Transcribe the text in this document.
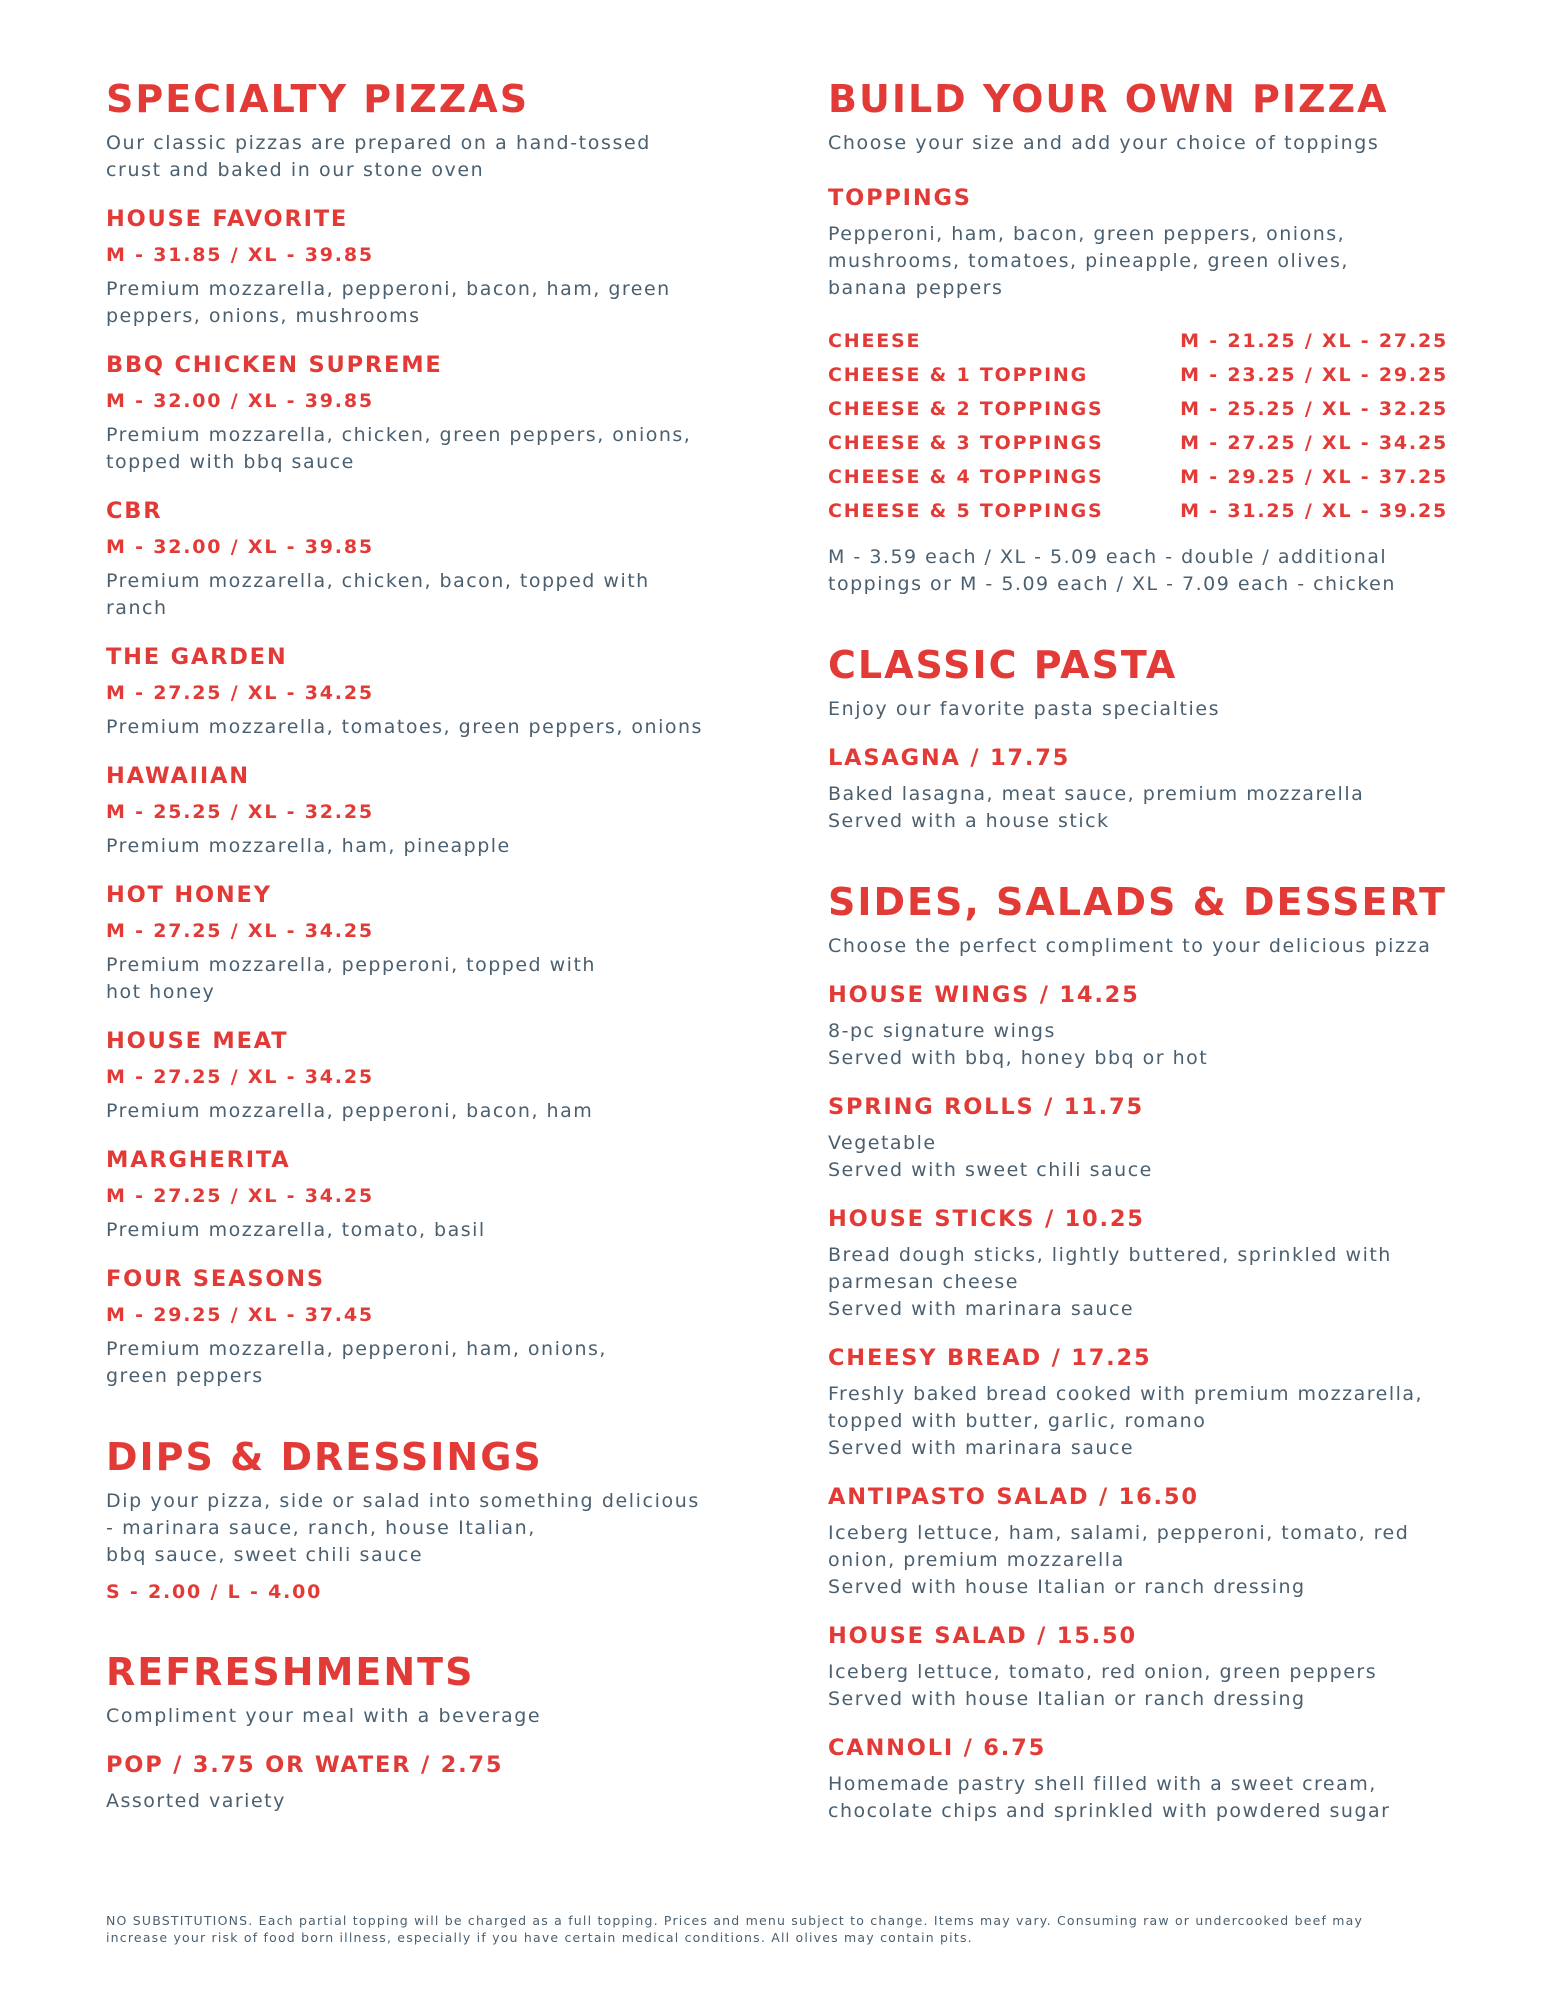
SPECIALTY PIZZAS

Our classic pizzas are prepared on a hand-tossed
crust and baked in our stone oven

HOUSE FAVORITE

M - 31.85 / XL - 39.85

Premium mozzarella, pepperoni, bacon, ham, green
peppers, onions, mushrooms

BBQ CHICKEN SUPREME

M - 32.00 / XL - 39.85

Premium mozzarella, chicken, green peppers, onions,
topped with bbq sauce

CBR

M - 32.00 / XL - 39.85

Premium mozzarella, chicken, bacon, topped with
ranch

THE GARDEN

M - 27.25 / XL - 34.25

Premium mozzarella, tomatoes, green peppers, onions

HAWAIIAN

M - 25.25 / XL - 32.25

Premium mozzarella, ham, pineapple

HOT HONEY

M - 27.25 / XL - 34.25

Premium mozzarella, pepperoni, topped with
hot honey

HOUSE MEAT

M - 27.25 / XL - 34.25

Premium mozzarella, pepperoni, bacon, ham

MARGHERITA

M - 27.25 / XL - 34.25

Premium mozzarella, tomato, basil

FOUR SEASONS

M - 29.25 / XL - 37.45

Premium mozzarella, pepperoni, ham, onions,
green peppers

DIPS & DRESSINGS

Dip your pizza, side or salad into something delicious
- marinara sauce, ranch, house Italian,
bbq sauce, sweet chili sauce

S - 2.00 / L - 4.00

REFRESHMENTS

Compliment your meal with a beverage

POP / 3.75 OR WATER / 2.75

Assorted variety

BUILD YOUR OWN PIZZA

Choose your size and add your choice of toppings

TOPPINGS

Pepperoni, ham, bacon, green peppers, onions,
mushrooms, tomatoes, pineapple, green olives,
banana peppers

CHEESE	M - 21.25 / XL - 27.25
CHEESE & 1 TOPPING	M - 23.25 / XL - 29.25
CHEESE & 2 TOPPINGS	M - 25.25 / XL - 32.25
CHEESE & 3 TOPPINGS	M - 27.25 / XL - 34.25
CHEESE & 4 TOPPINGS	M - 29.25 / XL - 37.25
CHEESE & 5 TOPPINGS	M - 31.25 / XL - 39.25

M - 3.59 each / XL - 5.09 each - double / additional
toppings or M - 5.09 each / XL - 7.09 each - chicken

CLASSIC PASTA

Enjoy our favorite pasta specialties

LASAGNA / 17.75

Baked lasagna, meat sauce, premium mozzarella
Served with a house stick

SIDES, SALADS & DESSERT

Choose the perfect compliment to your delicious pizza

HOUSE WINGS / 14.25

8-pc signature wings
Served with bbq, honey bbq or hot

SPRING ROLLS / 11.75

Vegetable
Served with sweet chili sauce

HOUSE STICKS / 10.25

Bread dough sticks, lightly buttered, sprinkled with
parmesan cheese
Served with marinara sauce

CHEESY BREAD / 17.25

Freshly baked bread cooked with premium mozzarella,
topped with butter, garlic, romano
Served with marinara sauce

ANTIPASTO SALAD / 16.50

Iceberg lettuce, ham, salami, pepperoni, tomato, red
onion, premium mozzarella
Served with house Italian or ranch dressing

HOUSE SALAD / 15.50

Iceberg lettuce, tomato, red onion, green peppers
Served with house Italian or ranch dressing

CANNOLI / 6.75

Homemade pastry shell filled with a sweet cream,
chocolate chips and sprinkled with powdered sugar

NO SUBSTITUTIONS. Each partial topping will be charged as a full topping. Prices and menu subject to change. Items may vary. Consuming raw or undercooked beef may
increase your risk of food born illness, especially if you have certain medical conditions. All olives may contain pits.
